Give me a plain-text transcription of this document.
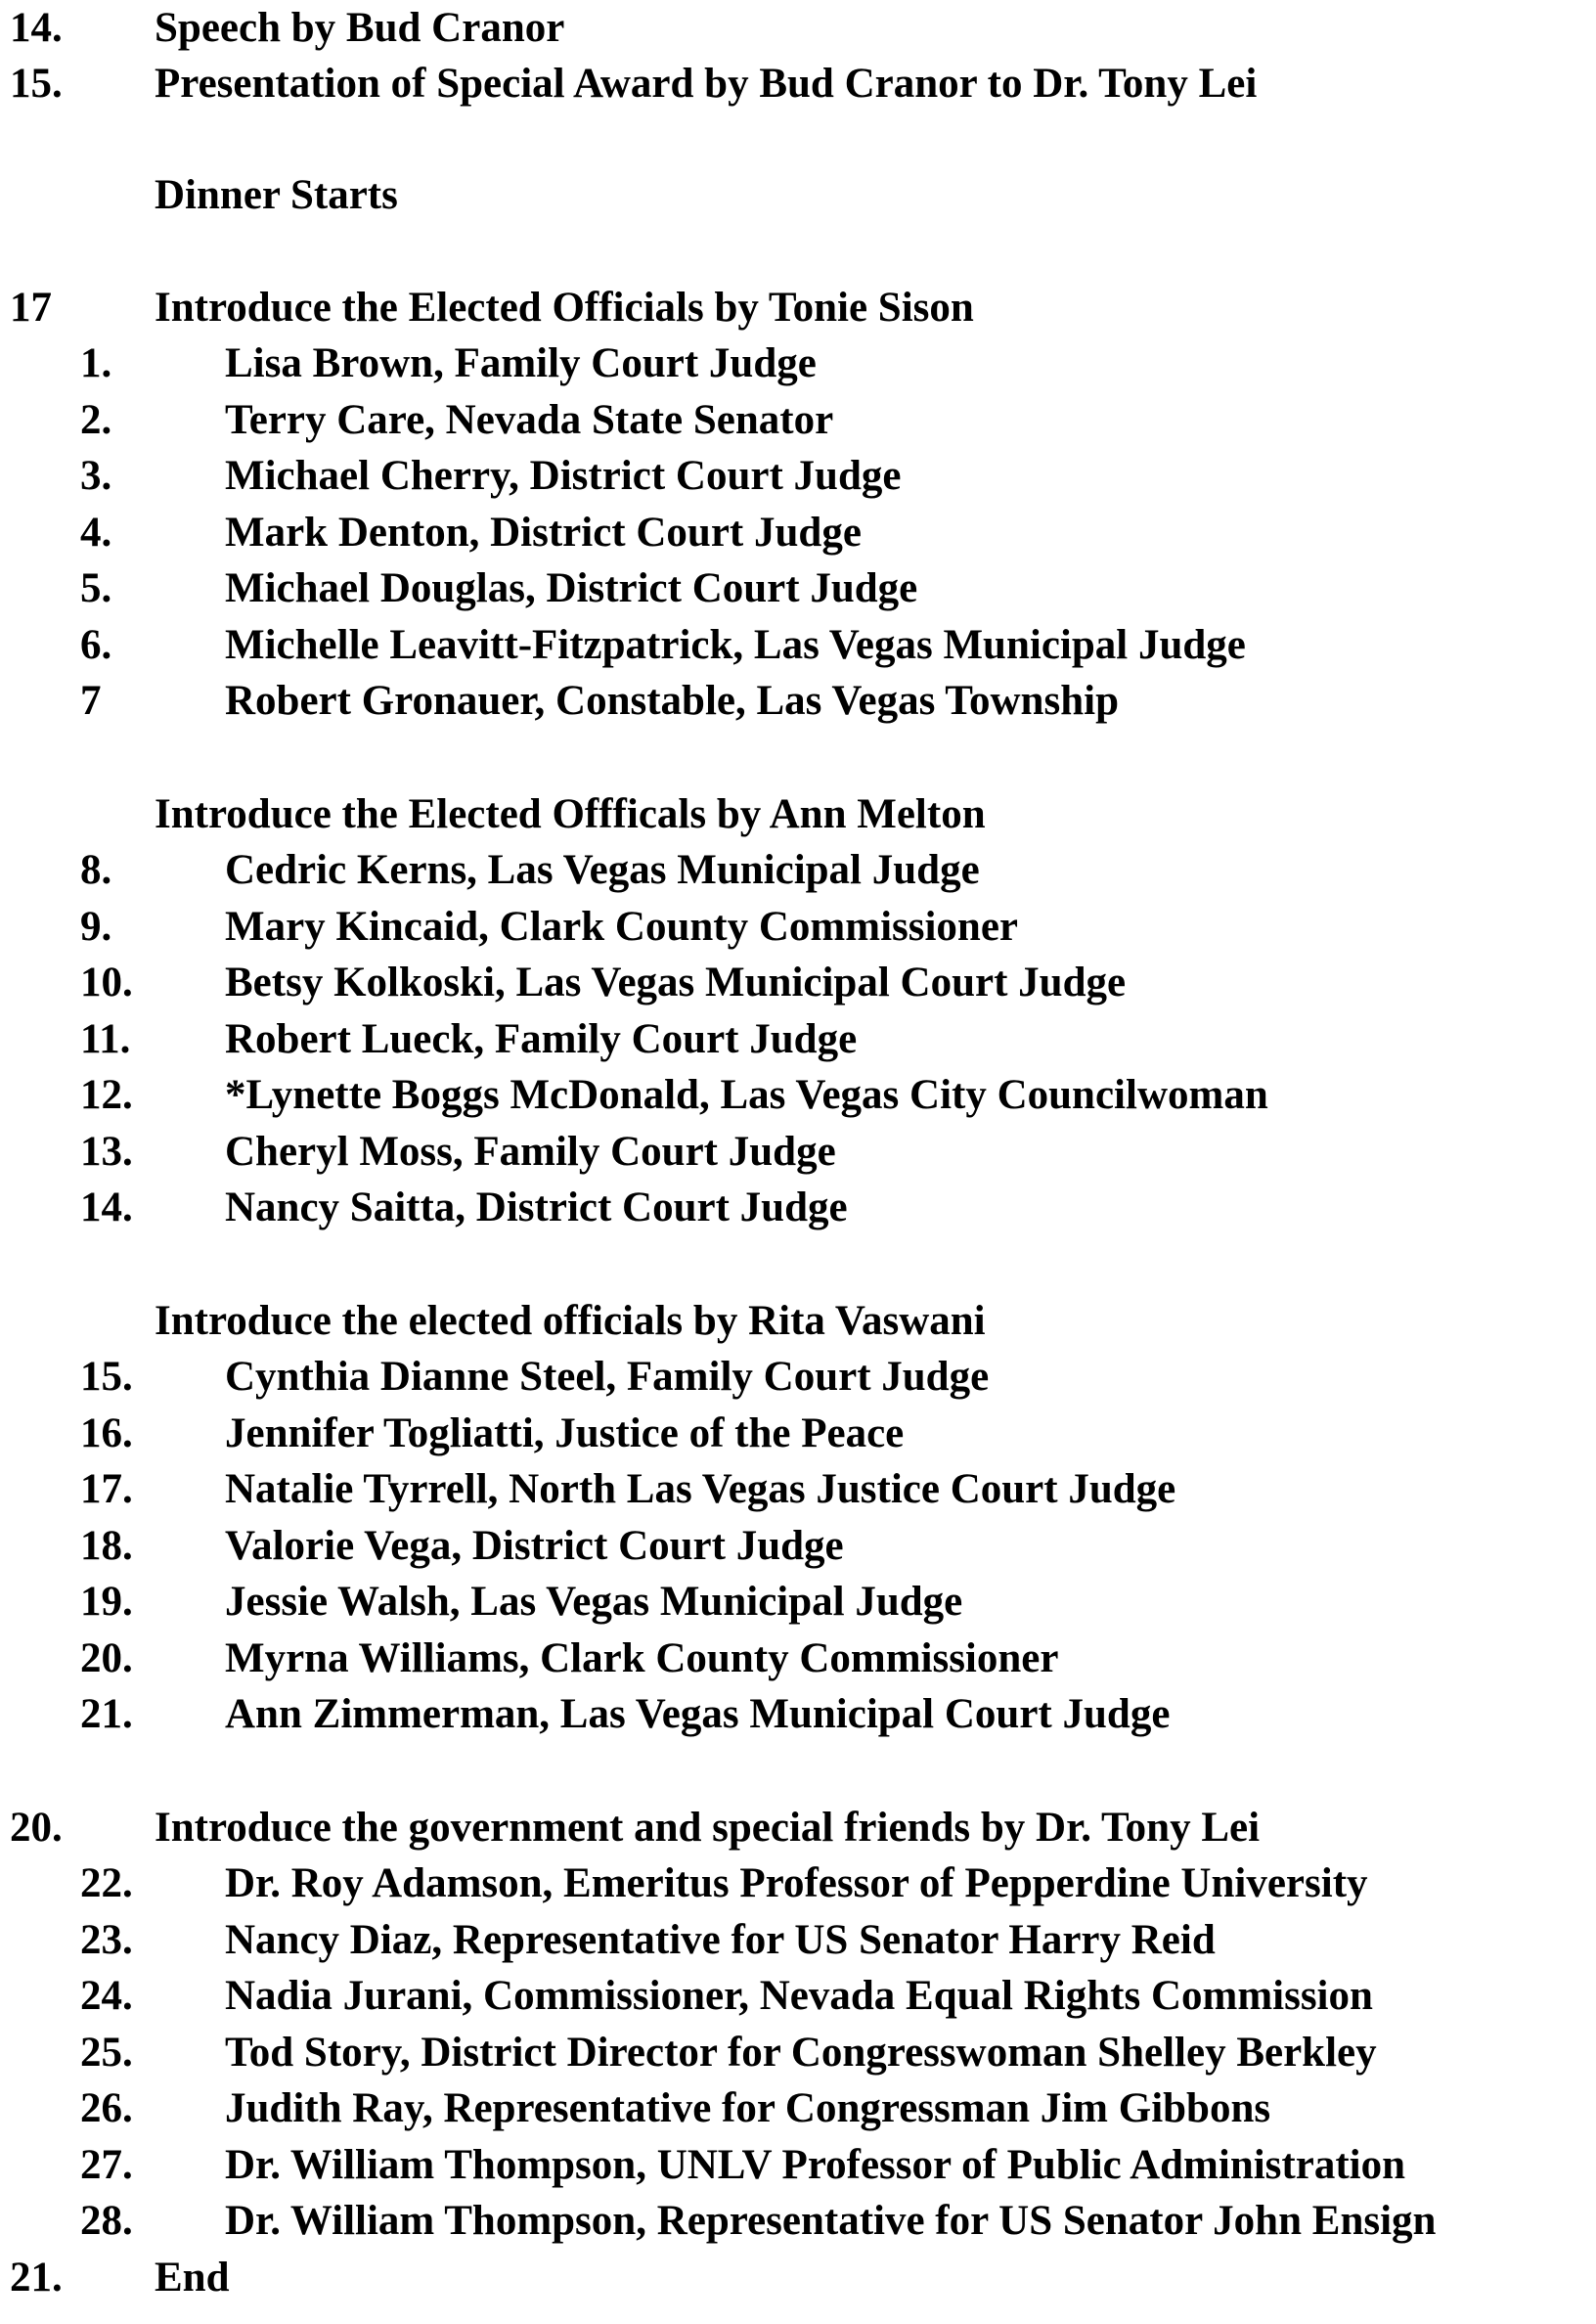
14. Speech by Bud Cranor
15. Presentation of Special Award by Bud Cranor to Dr. Tony Lei
Dinner Starts
17 Introduce the Elected Officials by Tonie Sison
1.	Lisa Brown, Family Court Judge
2.	Terry Care, Nevada State Senator
3.	Michael Cherry, District Court Judge
4.	Mark Denton, District Court Judge
5.	Michael Douglas, District Court Judge
6.	Michelle Leavitt-Fitzpatrick, Las Vegas Municipal Judge
7	Robert Gronauer, Constable, Las Vegas Township
Introduce the Elected Offficals by Ann Melton
8.	Cedric Kerns, Las Vegas Municipal Judge
9.	Mary Kincaid, Clark County Commissioner
10. Betsy Kolkoski, Las Vegas Municipal Court Judge
11. Robert Lueck, Family Court Judge
12. *Lynette Boggs McDonald, Las Vegas City Councilwoman
13. Cheryl Moss, Family Court Judge
14. Nancy Saitta, District Court Judge
Introduce the elected officials by Rita Vaswani
15. Cynthia Dianne Steel, Family Court Judge
16. Jennifer Togliatti, Justice of the Peace
17. Natalie Tyrrell, North Las Vegas Justice Court Judge
18. Valorie Vega, District Court Judge
19. Jessie Walsh, Las Vegas Municipal Judge
20. Myrna Williams, Clark County Commissioner
21. Ann Zimmerman, Las Vegas Municipal Court Judge
20. Introduce the government and special friends by Dr. Tony Lei
22. Dr. Roy Adamson, Emeritus Professor of Pepperdine University
23. Nancy Diaz, Representative for US Senator Harry Reid
24. Nadia Jurani, Commissioner, Nevada Equal Rights Commission
25. Tod Story, District Director for Congresswoman Shelley Berkley
26. Judith Ray, Representative for Congressman Jim Gibbons
27. Dr. William Thompson, UNLV Professor of Public Administration
28. Dr. William Thompson, Representative for US Senator John Ensign
21. End
